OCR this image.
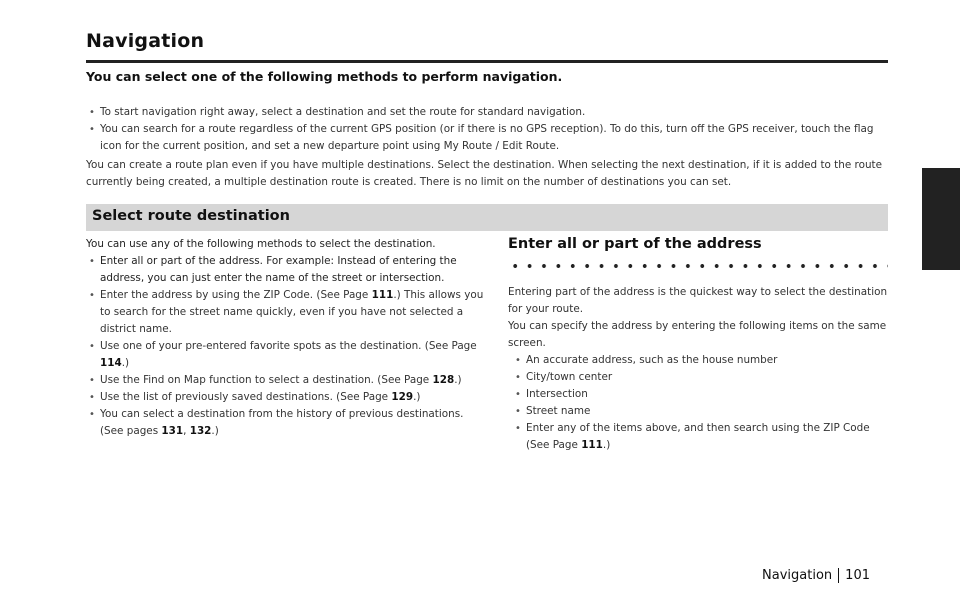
Navigation
You can select one of the following methods to perform navigation.
• To start navigation right away, select a destination and set the route for standard navigation.
• You can search for a route regardless of the current GPS position (or if there is no GPS reception). To do this, turn off the GPS receiver, touch the flag icon for the current position, and set a new departure point using My Route / Edit Route.
You can create a route plan even if you have multiple destinations. Select the destination. When selecting the next destination, if it is added to the route currently being created, a multiple destination route is created. There is no limit on the number of destinations you can set.
Select route destination
You can use any of the following methods to select the destination.
• Enter all or part of the address. For example: Instead of entering the address, you can just enter the name of the street or intersection.
• Enter the address by using the ZIP Code. (See Page 111.) This allows you to search for the street name quickly, even if you have not selected a district name.
• Use one of your pre-entered favorite spots as the destination. (See Page 114.)
• Use the Find on Map function to select a destination. (See Page 128.)
• Use the list of previously saved destinations. (See Page 129.)
• You can select a destination from the history of previous destinations. (See pages 131, 132.)
Enter all or part of the address
Entering part of the address is the quickest way to select the destination for your route.
You can specify the address by entering the following items on the same screen.
• An accurate address, such as the house number
• City/town center
• Intersection
• Street name
• Enter any of the items above, and then search using the ZIP Code (See Page 111.)
Navigation 101
